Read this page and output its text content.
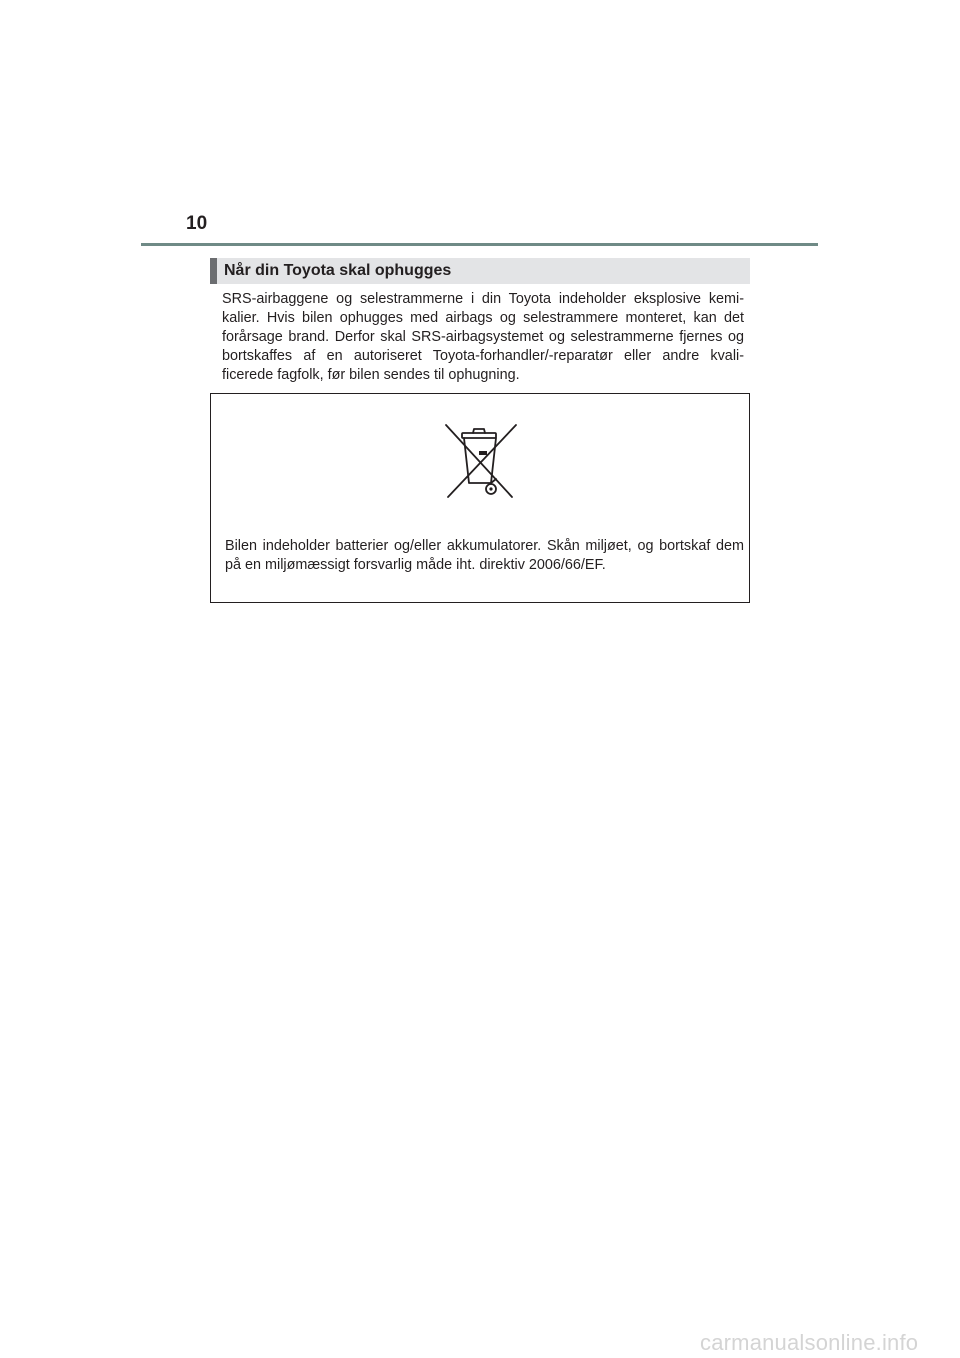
10
Når din Toyota skal ophugges

SRS-airbaggene og selestrammerne i din Toyota indeholder eksplosive kemi-kalier. Hvis bilen ophugges med airbags og selestrammere monteret, kan det forårsage brand. Derfor skal SRS-airbagsystemet og selestrammerne fjernes og bortskaffes af en autoriseret Toyota-forhandler/-reparatør eller andre kvali-ficerede fagfolk, før bilen sendes til ophugning.

Bilen indeholder batterier og/eller akkumulatorer. Skån miljøet, og bortskaf dem på en miljømæssigt forsvarlig måde iht. direktiv 2006/66/EF.

carmanualsonline.info
